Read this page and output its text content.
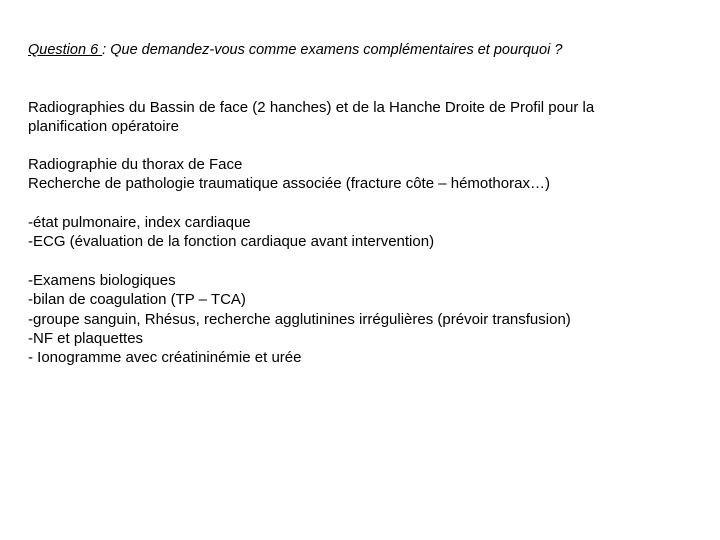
Question 6 : Que demandez-vous comme examens complémentaires et pourquoi ?
Radiographies du Bassin de face (2 hanches) et de la Hanche Droite de Profil pour la
planification opératoire
Radiographie du thorax de Face
Recherche de pathologie traumatique associée (fracture côte – hémothorax…)
-état pulmonaire, index cardiaque
-ECG (évaluation de la fonction cardiaque avant intervention)
-Examens biologiques
-bilan de coagulation (TP – TCA)
-groupe sanguin, Rhésus, recherche agglutinines irrégulières (prévoir transfusion)
-NF et plaquettes
- Ionogramme avec créatininémie et urée
